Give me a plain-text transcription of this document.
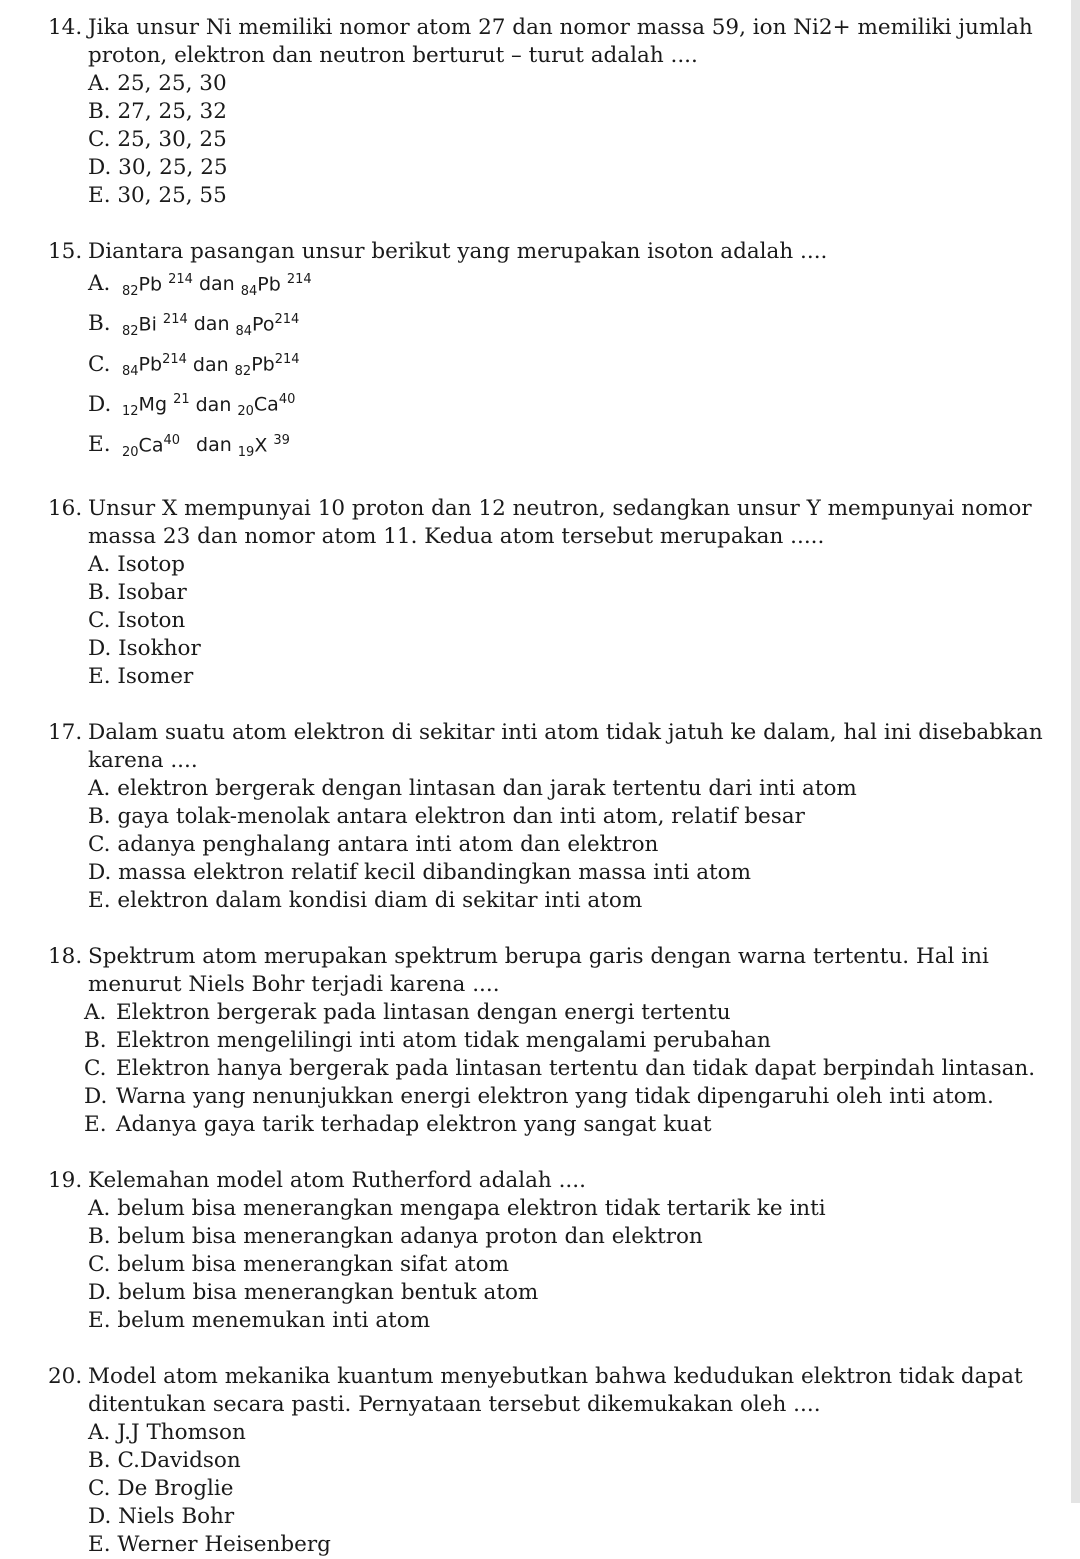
14. Jika unsur Ni memiliki nomor atom 27 dan nomor massa 59, ion Ni2+ memiliki jumlah proton, elektron dan neutron berturut – turut adalah ....
A. 25, 25, 30
B. 27, 25, 32
C. 25, 30, 25
D. 30, 25, 25
E. 30, 25, 55
15. Diantara pasangan unsur berikut yang merupakan isoton adalah ....
A. $_{82}$Pb $^{214}$ dan $_{84}$Pb $^{214}$
B. $_{82}$Bi $^{214}$ dan $_{84}Po^{214}$
C. $_{84}Pb^{214}$ dan $_{82}Pb^{214}$
D. $_{12}$Mg $^{21}$ dan $_{20}Ca^{40}$
E. $_{20}Ca^{40}$ dan $_{19}$X $^{39}$
16. Unsur X mempunyai 10 proton dan 12 neutron, sedangkan unsur Y mempunyai nomor massa 23 dan nomor atom 11. Kedua atom tersebut merupakan .....
A. Isotop
B. Isobar
C. Isoton
D. Isokhor
E. Isomer
17. Dalam suatu atom elektron di sekitar inti atom tidak jatuh ke dalam, hal ini disebabkan karena ....
A. elektron bergerak dengan lintasan dan jarak tertentu dari inti atom
B. gaya tolak-menolak antara elektron dan inti atom, relatif besar
C. adanya penghalang antara inti atom dan elektron
D. massa elektron relatif kecil dibandingkan massa inti atom
E. elektron dalam kondisi diam di sekitar inti atom
18. Spektrum atom merupakan spektrum berupa garis dengan warna tertentu. Hal ini menurut Niels Bohr terjadi karena ....
A. Elektron bergerak pada lintasan dengan energi tertentu
B. Elektron mengelilingi inti atom tidak mengalami perubahan
C. Elektron hanya bergerak pada lintasan tertentu dan tidak dapat berpindah lintasan.
D. Warna yang nenunjukkan energi elektron yang tidak dipengaruhi oleh inti atom.
E. Adanya gaya tarik terhadap elektron yang sangat kuat
19. Kelemahan model atom Rutherford adalah ....
A. belum bisa menerangkan mengapa elektron tidak tertarik ke inti
B. belum bisa menerangkan adanya proton dan elektron
C. belum bisa menerangkan sifat atom
D. belum bisa menerangkan bentuk atom
E. belum menemukan inti atom
20. Model atom mekanika kuantum menyebutkan bahwa kedudukan elektron tidak dapat ditentukan secara pasti. Pernyataan tersebut dikemukakan oleh ....
A. J.J Thomson
B. C.Davidson
C. De Broglie
D. Niels Bohr
E. Werner Heisenberg
